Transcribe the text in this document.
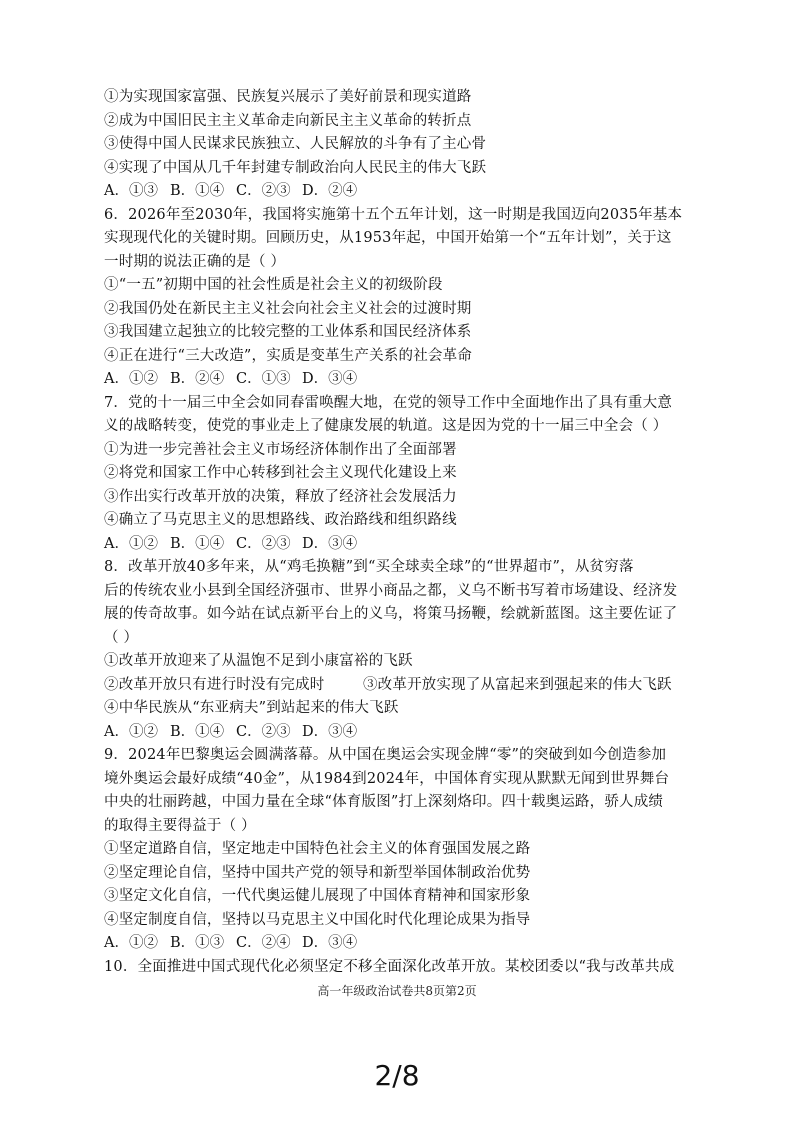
①为实现国家富强、民族复兴展示了美好前景和现实道路
②成为中国旧民主主义革命走向新民主主义革命的转折点
③使得中国人民谋求民族独立、人民解放的斗争有了主心骨
④实现了中国从几千年封建专制政治向人民民主的伟大飞跃
A．①③ B．①④ C．②③ D．②④
6．2026年至2030年，我国将实施第十五个五年计划，这一时期是我国迈向2035年基本
实现现代化的关键时期。回顾历史，从1953年起，中国开始第一个“五年计划”，关于这
一时期的说法正确的是（ ）
①“一五”初期中国的社会性质是社会主义的初级阶段
②我国仍处在新民主主义社会向社会主义社会的过渡时期
③我国建立起独立的比较完整的工业体系和国民经济体系
④正在进行“三大改造”，实质是变革生产关系的社会革命
A．①② B．②④ C．①③ D．③④
7．党的十一届三中全会如同春雷唤醒大地，在党的领导工作中全面地作出了具有重大意
义的战略转变，使党的事业走上了健康发展的轨道。这是因为党的十一届三中全会（ ）
①为进一步完善社会主义市场经济体制作出了全面部署
②将党和国家工作中心转移到社会主义现代化建设上来
③作出实行改革开放的决策，释放了经济社会发展活力
④确立了马克思主义的思想路线、政治路线和组织路线
A．①② B．①④ C．②③ D．③④
8．改革开放40多年来，从“鸡毛换糖”到“买全球卖全球”的“世界超市”，从贫穷落
后的传统农业小县到全国经济强市、世界小商品之都，义乌不断书写着市场建设、经济发
展的传奇故事。如今站在试点新平台上的义乌，将策马扬鞭，绘就新蓝图。这主要佐证了
（ ）
①改革开放迎来了从温饱不足到小康富裕的飞跃
②改革开放只有进行时没有完成时        ③改革开放实现了从富起来到强起来的伟大飞跃
④中华民族从“东亚病夫”到站起来的伟大飞跃
A．①② B．①④ C．②③ D．③④
9．2024年巴黎奥运会圆满落幕。从中国在奥运会实现金牌“零”的突破到如今创造参加
境外奥运会最好成绩“40金”，从1984到2024年，中国体育实现从默默无闻到世界舞台
中央的壮丽跨越，中国力量在全球“体育版图”打上深刻烙印。四十载奥运路，骄人成绩
的取得主要得益于（ ）
①坚定道路自信，坚定地走中国特色社会主义的体育强国发展之路
②坚定理论自信，坚持中国共产党的领导和新型举国体制政治优势
③坚定文化自信，一代代奥运健儿展现了中国体育精神和国家形象
④坚定制度自信，坚持以马克思主义中国化时代化理论成果为指导
A．①② B．①③ C．②④ D．③④
10．全面推进中国式现代化必须坚定不移全面深化改革开放。某校团委以“我与改革共成
高一年级政治试卷共8页第2页
2/8
